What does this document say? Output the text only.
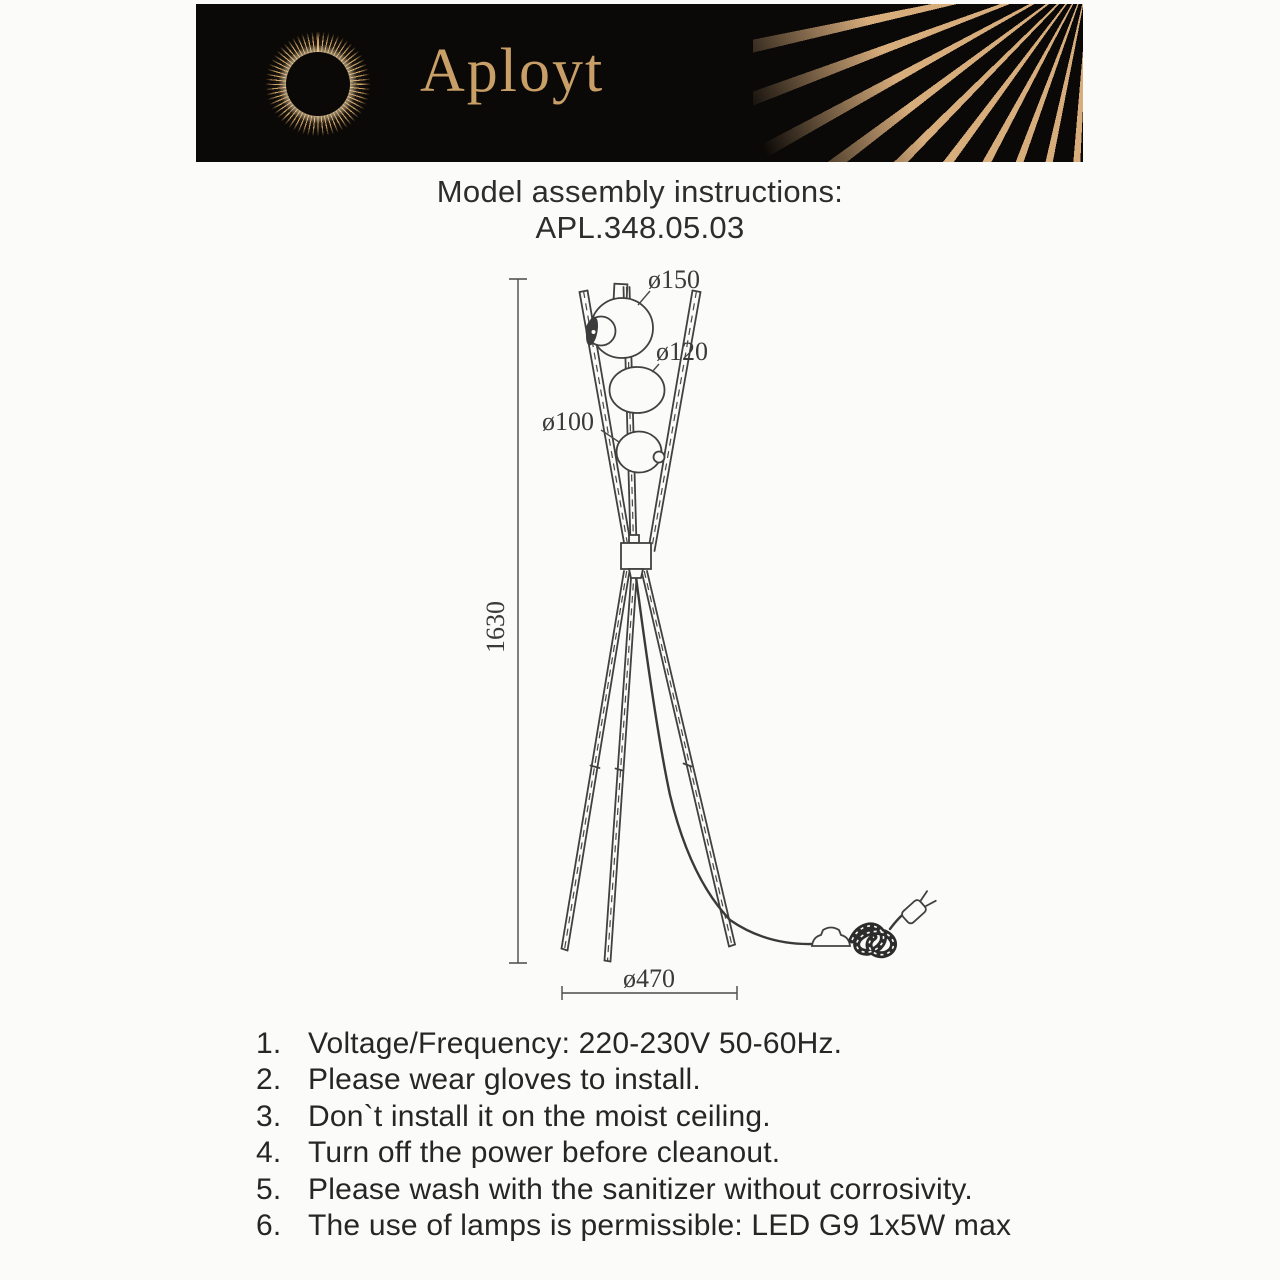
Aployt
Model assembly instructions:
APL.348.05.03
1630
ø150
ø120
ø100
ø470
1. Voltage/Frequency: 220-230V 50-60Hz.
2. Please wear gloves to install.
3. Don`t install it on the moist ceiling.
4. Turn off the power before cleanout.
5. Please wash with the sanitizer without corrosivity.
6. The use of lamps is permissible: LED G9 1x5W max
